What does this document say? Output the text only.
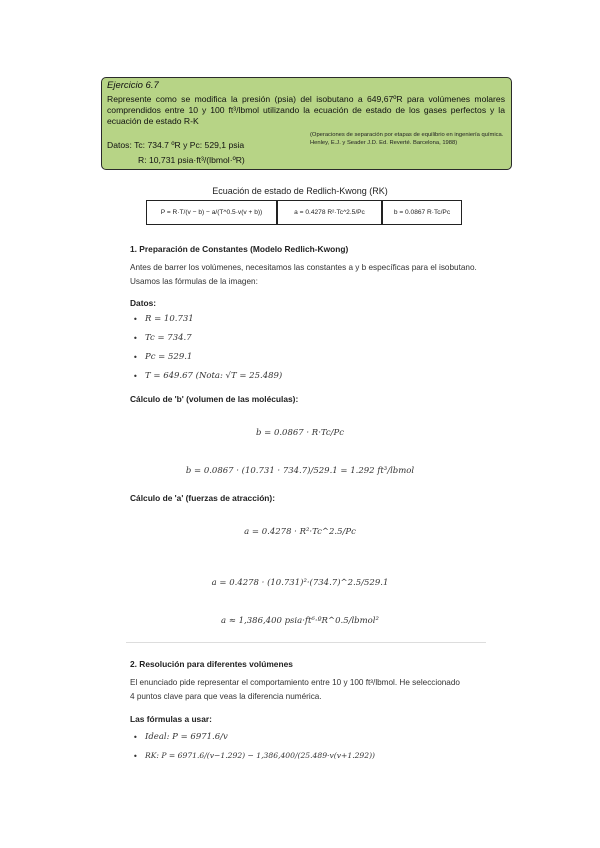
Ejercicio 6.7
Represente como se modifica la presión (psia) del isobutano a 649,67ºR para volúmenes molares comprendidos entre 10 y 100 ft³/lbmol utilizando la ecuación de estado de los gases perfectos y la ecuación de estado R-K
Datos: Tc: 734.7 ºR y Pc: 529,1 psia
R: 10,731 psia·ft³/(lbmol·ºR)
(Operaciones de separación por etapas de equilibrio en ingeniería química. Henley, E.J. y Seader J.D. Ed. Reverté. Barcelona, 1988)
Ecuación de estado de Redlich-Kwong (RK)
P = R·T/(v − b) − a/(T^0.5·v(v + b))	a = 0.4278 R²·Tc^2.5/Pc	b = 0.0867 R·Tc/Pc
1. Preparación de Constantes (Modelo Redlich-Kwong)
Antes de barrer los volúmenes, necesitamos las constantes a y b específicas para el isobutano.
Usamos las fórmulas de la imagen:
Datos:
• R = 10.731
• Tc = 734.7
• Pc = 529.1
• T = 649.67 (Nota: √T = 25.489)
Cálculo de 'b' (volumen de las moléculas):
b = 0.0867 · R·Tc/Pc
b = 0.0867 · (10.731 · 734.7)/529.1 = 1.292 ft³/lbmol
Cálculo de 'a' (fuerzas de atracción):
a = 0.4278 · R²·Tc^2.5/Pc
a = 0.4278 · (10.731)²·(734.7)^2.5/529.1
a ≈ 1,386,400 psia·ft⁶·ºR^0.5/lbmol²
2. Resolución para diferentes volúmenes
El enunciado pide representar el comportamiento entre 10 y 100 ft³/lbmol. He seleccionado
4 puntos clave para que veas la diferencia numérica.
Las fórmulas a usar:
• Ideal: P = 6971.6/v
• RK: P = 6971.6/(v−1.292) − 1,386,400/(25.489·v(v+1.292))
